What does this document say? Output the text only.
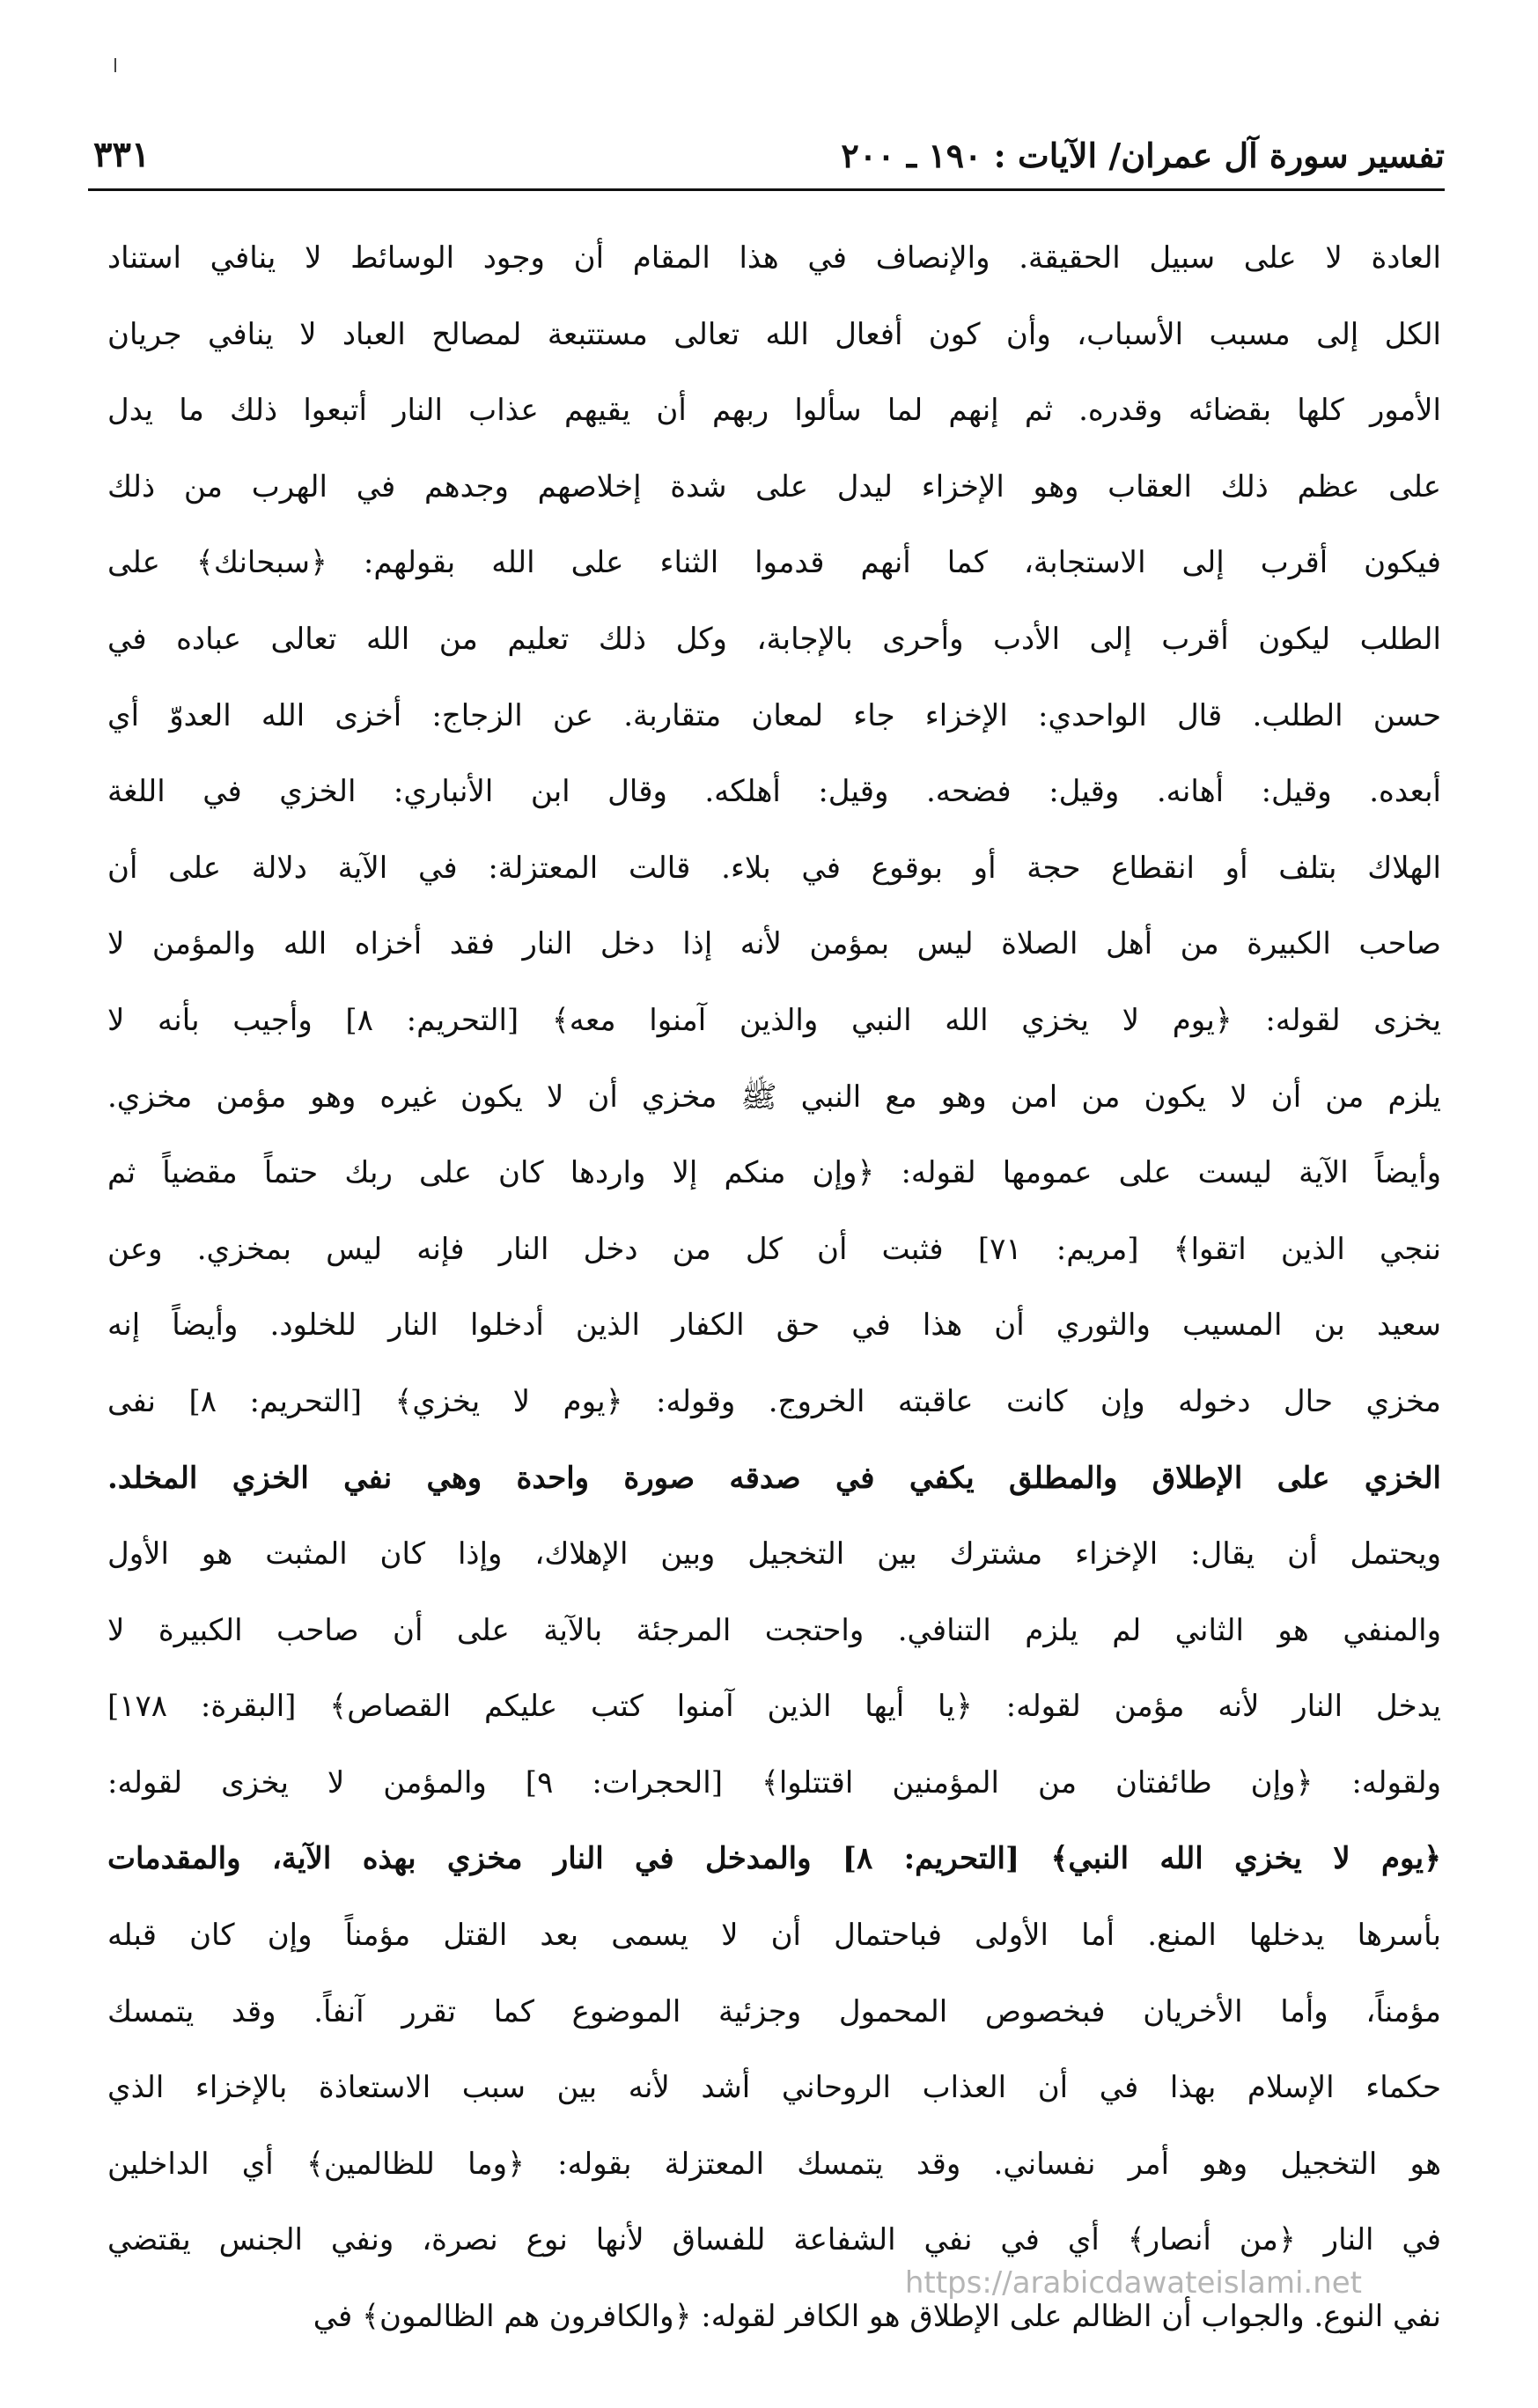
تفسير سورة آل عمران/ الآيات : ١٩٠ ـ ٢٠٠
٣٣١
العادة لا على سبيل الحقيقة. والإنصاف في هذا المقام أن وجود الوسائط لا ينافي استناد
الكل إلى مسبب الأسباب، وأن كون أفعال الله تعالى مستتبعة لمصالح العباد لا ينافي جريان
الأمور كلها بقضائه وقدره. ثم إنهم لما سألوا ربهم أن يقيهم عذاب النار أتبعوا ذلك ما يدل
على عظم ذلك العقاب وهو الإخزاء ليدل على شدة إخلاصهم وجدهم في الهرب من ذلك
فيكون أقرب إلى الاستجابة، كما أنهم قدموا الثناء على الله بقولهم: ﴿سبحانك﴾ على
الطلب ليكون أقرب إلى الأدب وأحرى بالإجابة، وكل ذلك تعليم من الله تعالى عباده في
حسن الطلب. قال الواحدي: الإخزاء جاء لمعان متقاربة. عن الزجاج: أخزى الله العدوّ أي
أبعده. وقيل: أهانه. وقيل: فضحه. وقيل: أهلكه. وقال ابن الأنباري: الخزي في اللغة
الهلاك بتلف أو انقطاع حجة أو بوقوع في بلاء. قالت المعتزلة: في الآية دلالة على أن
صاحب الكبيرة من أهل الصلاة ليس بمؤمن لأنه إذا دخل النار فقد أخزاه الله والمؤمن لا
يخزى لقوله: ﴿يوم لا يخزي الله النبي والذين آمنوا معه﴾ [التحريم: ٨] وأجيب بأنه لا
يلزم من أن لا يكون من امن وهو مع النبي ﷺ مخزي أن لا يكون غيره وهو مؤمن مخزي.
وأيضاً الآية ليست على عمومها لقوله: ﴿وإن منكم إلا واردها كان على ربك حتماً مقضياً ثم
ننجي الذين اتقوا﴾ [مريم: ٧١] فثبت أن كل من دخل النار فإنه ليس بمخزي. وعن
سعيد بن المسيب والثوري أن هذا في حق الكفار الذين أدخلوا النار للخلود. وأيضاً إنه
مخزي حال دخوله وإن كانت عاقبته الخروج. وقوله: ﴿يوم لا يخزي﴾ [التحريم: ٨] نفى
الخزي على الإطلاق والمطلق يكفي في صدقه صورة واحدة وهي نفي الخزي المخلد.
ويحتمل أن يقال: الإخزاء مشترك بين التخجيل وبين الإهلاك، وإذا كان المثبت هو الأول
والمنفي هو الثاني لم يلزم التنافي. واحتجت المرجئة بالآية على أن صاحب الكبيرة لا
يدخل النار لأنه مؤمن لقوله: ﴿يا أيها الذين آمنوا كتب عليكم القصاص﴾ [البقرة: ١٧٨]
ولقوله: ﴿وإن طائفتان من المؤمنين اقتتلوا﴾ [الحجرات: ٩] والمؤمن لا يخزى لقوله:
﴿يوم لا يخزي الله النبي﴾ [التحريم: ٨] والمدخل في النار مخزي بهذه الآية، والمقدمات
بأسرها يدخلها المنع. أما الأولى فباحتمال أن لا يسمى بعد القتل مؤمناً وإن كان قبله
مؤمناً، وأما الأخريان فبخصوص المحمول وجزئية الموضوع كما تقرر آنفاً. وقد يتمسك
حكماء الإسلام بهذا في أن العذاب الروحاني أشد لأنه بين سبب الاستعاذة بالإخزاء الذي
هو التخجيل وهو أمر نفساني. وقد يتمسك المعتزلة بقوله: ﴿وما للظالمين﴾ أي الداخلين
في النار ﴿من أنصار﴾ أي في نفي الشفاعة للفساق لأنها نوع نصرة، ونفي الجنس يقتضي
نفي النوع. والجواب أن الظالم على الإطلاق هو الكافر لقوله: ﴿والكافرون هم الظالمون﴾ في
https://arabicdawateislami.net
